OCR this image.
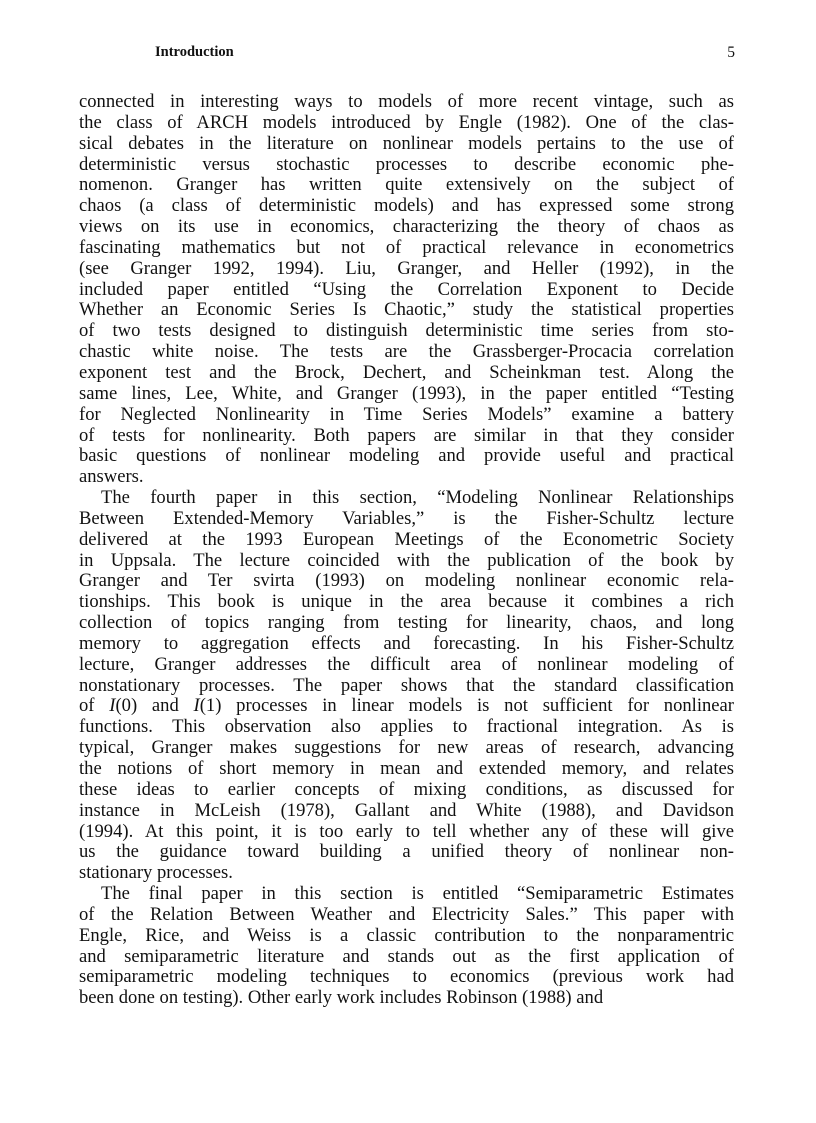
Introduction	5
connected in interesting ways to models of more recent vintage, such as
the class of ARCH models introduced by Engle (1982). One of the clas-
sical debates in the literature on nonlinear models pertains to the use of
deterministic versus stochastic processes to describe economic phe-
nomenon. Granger has written quite extensively on the subject of
chaos (a class of deterministic models) and has expressed some strong
views on its use in economics, characterizing the theory of chaos as
fascinating mathematics but not of practical relevance in econometrics
(see Granger 1992, 1994). Liu, Granger, and Heller (1992), in the
included paper entitled “Using the Correlation Exponent to Decide
Whether an Economic Series Is Chaotic,” study the statistical properties
of two tests designed to distinguish deterministic time series from sto-
chastic white noise. The tests are the Grassberger-Procacia correlation
exponent test and the Brock, Dechert, and Scheinkman test. Along the
same lines, Lee, White, and Granger (1993), in the paper entitled “Testing
for Neglected Nonlinearity in Time Series Models” examine a battery
of tests for nonlinearity. Both papers are similar in that they consider
basic questions of nonlinear modeling and provide useful and practical
answers.
The fourth paper in this section, “Modeling Nonlinear Relationships
Between Extended-Memory Variables,” is the Fisher-Schultz lecture
delivered at the 1993 European Meetings of the Econometric Society
in Uppsala. The lecture coincided with the publication of the book by
Granger and Ter svirta (1993) on modeling nonlinear economic rela-
tionships. This book is unique in the area because it combines a rich
collection of topics ranging from testing for linearity, chaos, and long
memory to aggregation effects and forecasting. In his Fisher-Schultz
lecture, Granger addresses the difficult area of nonlinear modeling of
nonstationary processes. The paper shows that the standard classification
of I(0) and I(1) processes in linear models is not sufficient for nonlinear
functions. This observation also applies to fractional integration. As is
typical, Granger makes suggestions for new areas of research, advancing
the notions of short memory in mean and extended memory, and relates
these ideas to earlier concepts of mixing conditions, as discussed for
instance in McLeish (1978), Gallant and White (1988), and Davidson
(1994). At this point, it is too early to tell whether any of these will give
us the guidance toward building a unified theory of nonlinear non-
stationary processes.
The final paper in this section is entitled “Semiparametric Estimates
of the Relation Between Weather and Electricity Sales.” This paper with
Engle, Rice, and Weiss is a classic contribution to the nonparamentric
and semiparametric literature and stands out as the first application of
semiparametric modeling techniques to economics (previous work had
been done on testing). Other early work includes Robinson (1988) and
